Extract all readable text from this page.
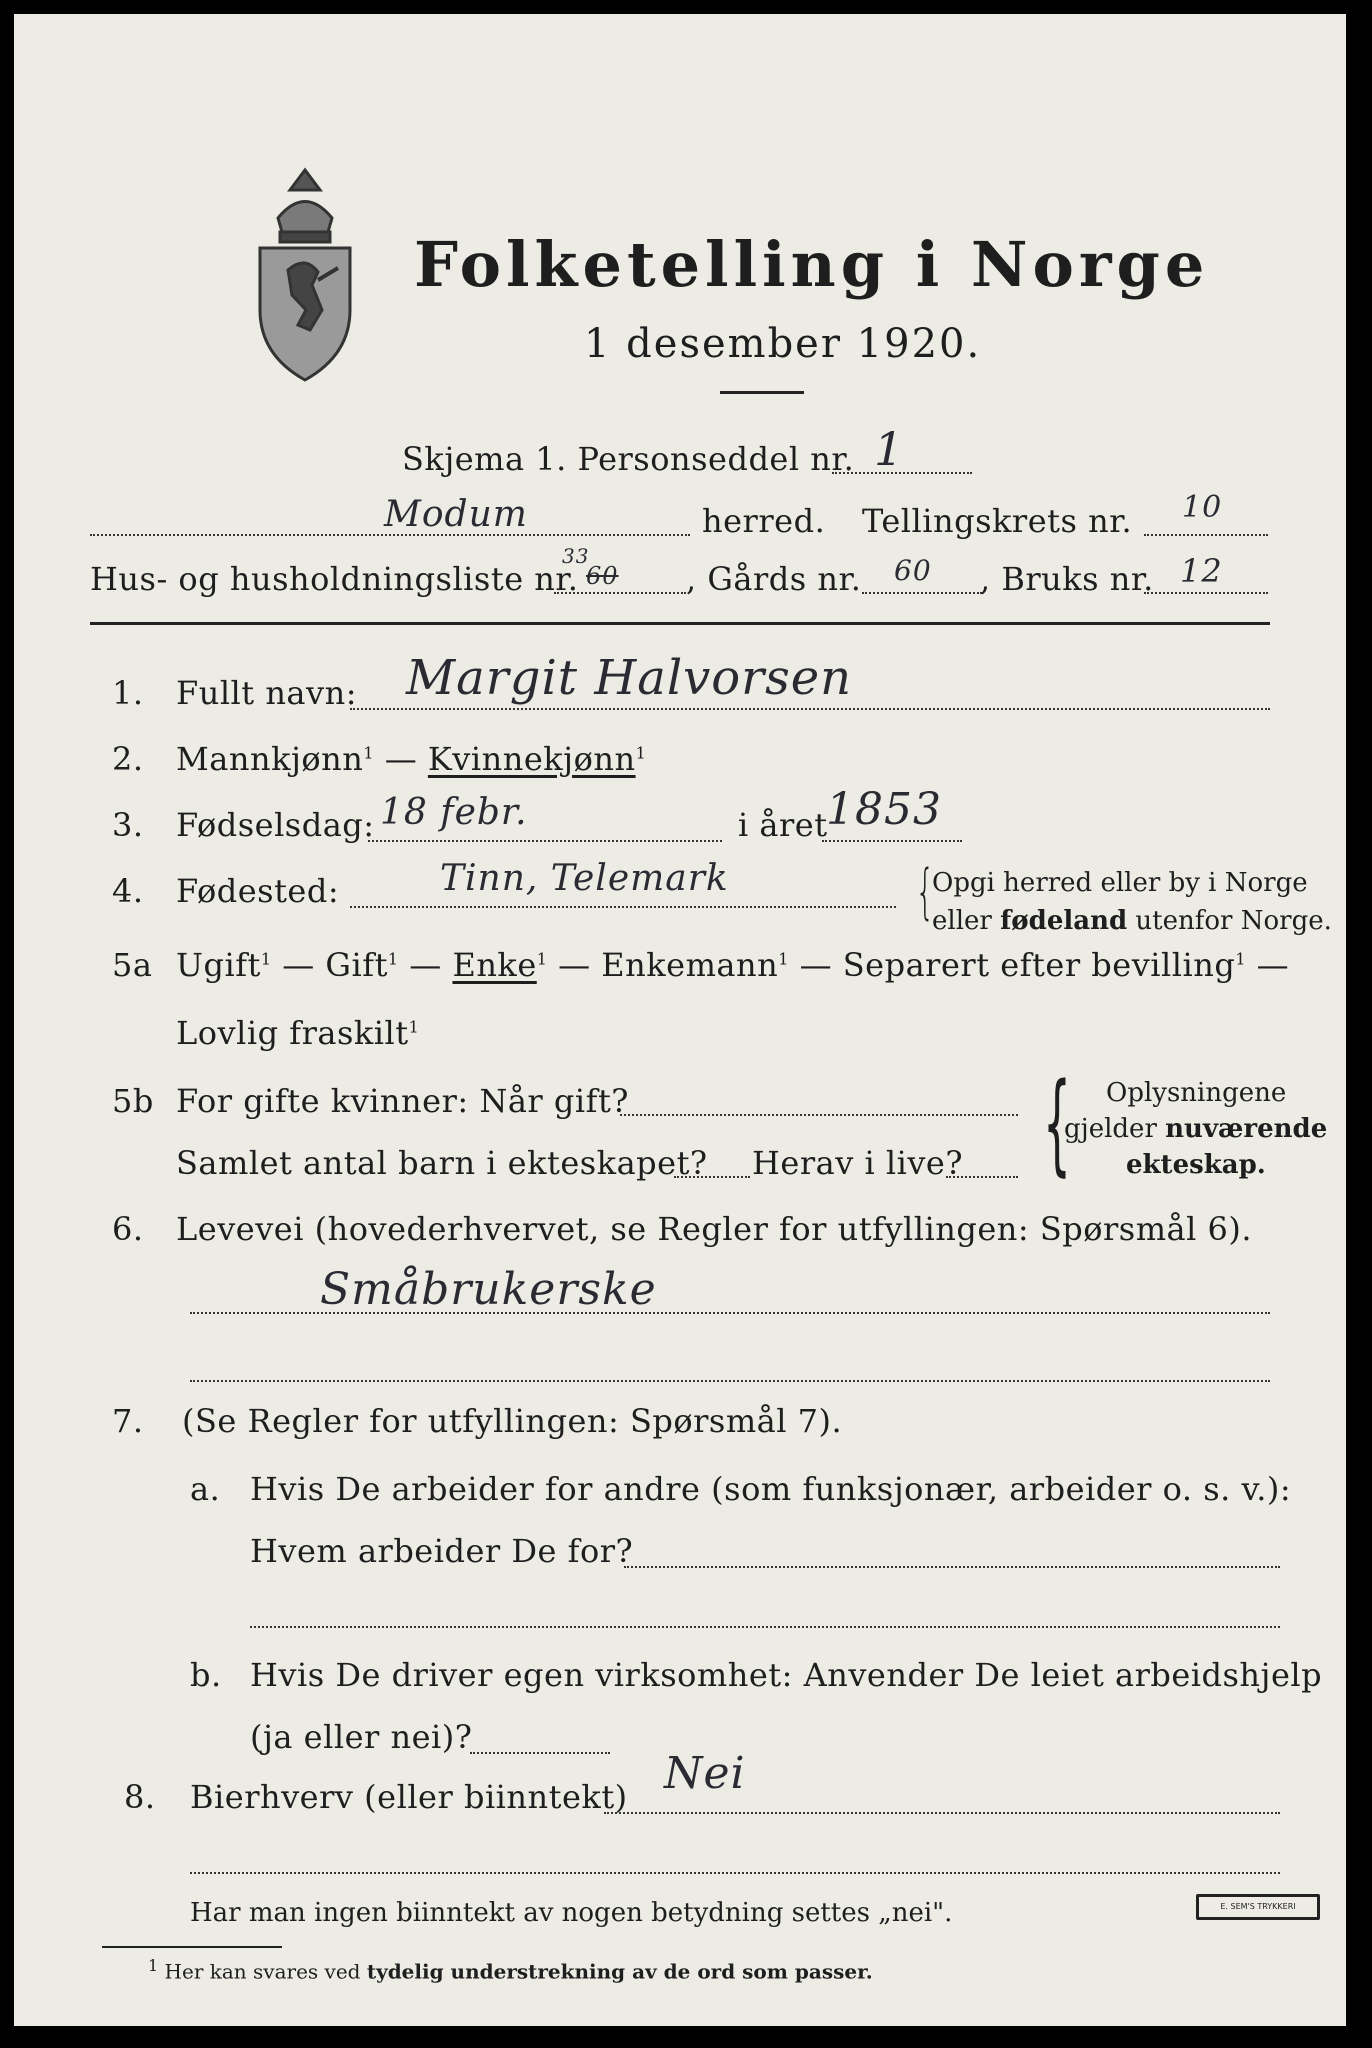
Folketelling i Norge
1 desember 1920.
Skjema 1. Personseddel nr. 1
Modum	herred. Tellingskrets nr. 10
Hus- og husholdningsliste nr.
33
60 , Gårds nr. 60 , Bruks nr. 12
1. Fullt navn: Margit Halvorsen
2. Mannkjønn$^1$ — Kvinnekjønn$^1$
3. Fødselsdag: 18 febr.	i året
1853
4. Fødested:	Tinn, Telemark	{
Opgi herred eller by i Norge
eller fødeland utenfor Norge.
5a Ugift$^1$ — Gift$^1$ — Enke$^1$ — Enkemann$^1$ — Separert efter bevilling$^1$ —
Lovlig fraskilt$^1$
5b For gifte kvinner: Når gift?
Samlet antal barn i ekteskapet? Herav i live? { Oplysningene
gjelder nuværende
ekteskap.
6. Levevei (hovederhvervet, se Regler for utfyllingen: Spørsmål 6).
Småbrukerske
7. (Se Regler for utfyllingen: Spørsmål 7).
a. Hvis De arbeider for andre (som funksjonær, arbeider o. s. v.):
Hvem arbeider De for?
b. Hvis De driver egen virksomhet: Anvender De leiet arbeidshjelp
(ja eller nei)?
8. Bierhverv (eller biinntekt) Nei
Har man ingen biinntekt av nogen betydning settes „nei".
$^1$ Her kan svares ved tydelig understrekning av de ord som passer.
E. SEM'S TRYKKERI
